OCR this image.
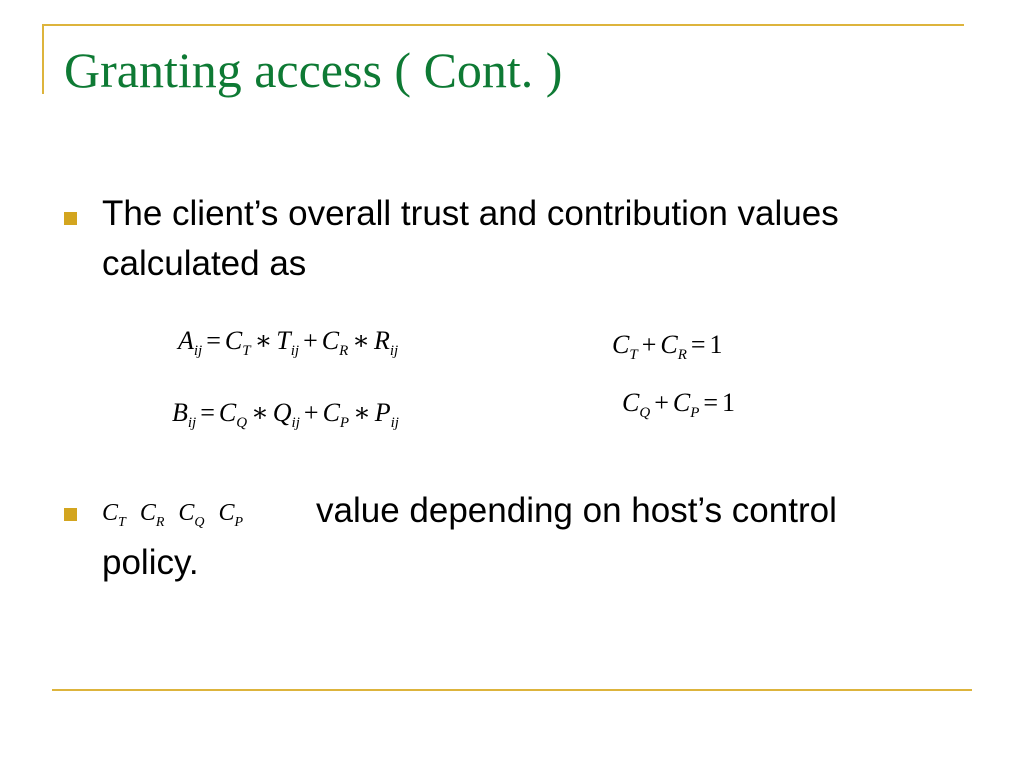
Granting access ( Cont. )

The client’s overall trust and contribution values calculated as

$A_{ij} = C_T$ ∗ $T_{ij} + C_R$ ∗ $R_{ij}$
$B_{ij} = C_Q$ ∗ $Q_{ij} + C_P$ ∗ $P_{ij}$
$C_T + C_R = 1$
$C_Q + C_P = 1$
$C_T$ $C_R$ $C_Q$ $C_P$	value depending on host’s control

policy.
